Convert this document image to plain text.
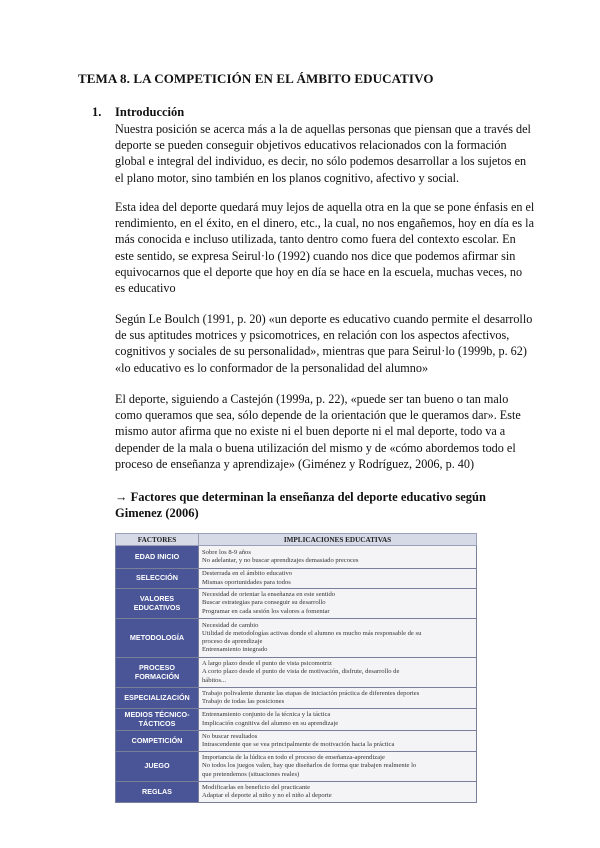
TEMA 8. LA COMPETICIÓN EN EL ÁMBITO EDUCATIVO
1. Introducción

Nuestra posición se acerca más a la de aquellas personas que piensan que a través del deporte se pueden conseguir objetivos educativos relacionados con la formación global e integral del individuo, es decir, no sólo podemos desarrollar a los sujetos en el plano motor, sino también en los planos cognitivo, afectivo y social.

Esta idea del deporte quedará muy lejos de aquella otra en la que se pone énfasis en el rendimiento, en el éxito, en el dinero, etc., la cual, no nos engañemos, hoy en día es la más conocida e incluso utilizada, tanto dentro como fuera del contexto escolar. En este sentido, se expresa Seirul·lo (1992) cuando nos dice que podemos afirmar sin equivocarnos que el deporte que hoy en día se hace en la escuela, muchas veces, no es educativo

Según Le Boulch (1991, p. 20) «un deporte es educativo cuando permite el desarrollo de sus aptitudes motrices y psicomotrices, en relación con los aspectos afectivos, cognitivos y sociales de su personalidad», mientras que para Seirul·lo (1999b, p. 62) «lo educativo es lo conformador de la personalidad del alumno»

El deporte, siguiendo a Castejón (1999a, p. 22), «puede ser tan bueno o tan malo como queramos que sea, sólo depende de la orientación que le queramos dar». Este mismo autor afirma que no existe ni el buen deporte ni el mal deporte, todo va a depender de la mala o buena utilización del mismo y de «cómo abordemos todo el proceso de enseñanza y aprendizaje» (Giménez y Rodríguez, 2006, p. 40)

→ Factores que determinan la enseñanza del deporte educativo según Gimenez (2006)
FACTORES	IMPLICACIONES EDUCATIVAS
EDAD INICIO	Sobre los 8-9 años
No adelantar, y no buscar aprendizajes demasiado precoces

SELECCIÓN	Desterrada en el ámbito educativo
Mismas oportunidades para todos

VALORES EDUCATIVOS	Necesidad de orientar la enseñanza en este sentido
Buscar estrategias para conseguir su desarrollo
Programar en cada sesión los valores a fomentar

METODOLOGÍA	Necesidad de cambio
Utilidad de metodologías activas donde el alumno es mucho más responsable de su
proceso de aprendizaje
Entrenamiento integrado

PROCESO FORMACIÓN	A largo plazo desde el punto de vista psicomotriz
A corto plazo desde el punto de vista de motivación, disfrute, desarrollo de
hábitos...

ESPECIALIZACIÓN	Trabajo polivalente durante las etapas de iniciación práctica de diferentes deportes
Trabajo de todas las posiciones

MEDIOS TÉCNICO-TÁCTICOS	Entrenamiento conjunto de la técnica y la táctica
Implicación cognitiva del alumno en su aprendizaje

COMPETICIÓN	No buscar resultados
Intrascendente que se vea principalmente de motivación hacia la práctica

JUEGO	Importancia de la lúdica en todo el proceso de enseñanza-aprendizaje
No todos los juegos valen, hay que diseñarlos de forma que trabajen realmente lo
que pretendemos (situaciones reales)

REGLAS	Modificarlas en beneficio del practicante
Adaptar el deporte al niño y no el niño al deporte
